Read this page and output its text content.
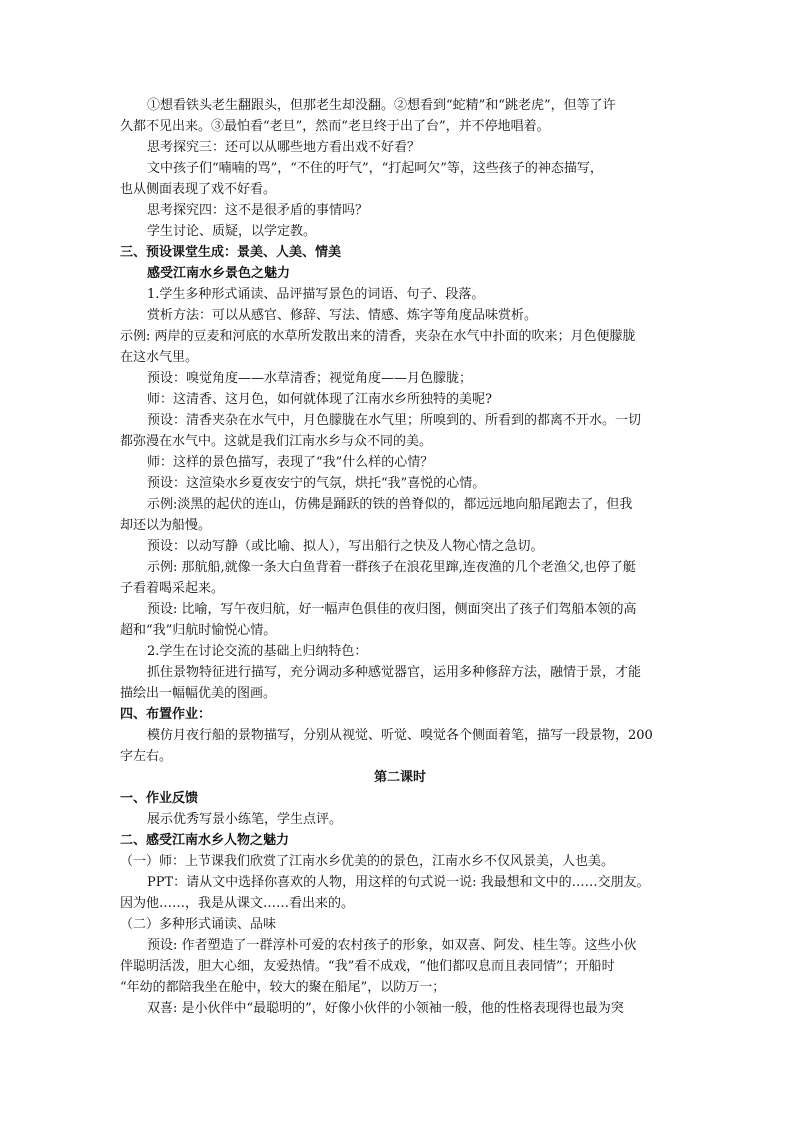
①想看铁头老生翻跟头，但那老生却没翻。②想看到“蛇精”和“跳老虎”，但等了许
久都不见出来。③最怕看“老旦”，然而“老旦终于出了台”，并不停地唱着。
思考探究三：还可以从哪些地方看出戏不好看？
文中孩子们“喃喃的骂”，“不住的吁气”，“打起呵欠”等，这些孩子的神态描写，
也从侧面表现了戏不好看。
思考探究四：这不是很矛盾的事情吗？
学生讨论、质疑，以学定教。
三、预设课堂生成：景美、人美、情美
感受江南水乡景色之魅力
1.学生多种形式诵读、品评描写景色的词语、句子、段落。
赏析方法：可以从感官、修辞、写法、情感、炼字等角度品味赏析。
示例: 两岸的豆麦和河底的水草所发散出来的清香，夹杂在水气中扑面的吹来；月色便朦胧
在这水气里。
预设：嗅觉角度——水草清香；视觉角度——月色朦胧；
师：这清香、这月色，如何就体现了江南水乡所独特的美呢?
预设：清香夹杂在水气中，月色朦胧在水气里；所嗅到的、所看到的都离不开水。一切
都弥漫在水气中。这就是我们江南水乡与众不同的美。
师：这样的景色描写，表现了“我”什么样的心情？
预设：这渲染水乡夏夜安宁的气氛，烘托“我”喜悦的心情。
示例:淡黑的起伏的连山，仿佛是踊跃的铁的兽脊似的，都远远地向船尾跑去了，但我
却还以为船慢。
预设：以动写静（或比喻、拟人），写出船行之快及人物心情之急切。
示例: 那航船,就像一条大白鱼背着一群孩子在浪花里蹿,连夜渔的几个老渔父,也停了艇
子看着喝采起来。
预设: 比喻，写午夜归航，好一幅声色俱佳的夜归图，侧面突出了孩子们驾船本领的高
超和“我”归航时愉悦心情。
2.学生在讨论交流的基础上归纳特色：
抓住景物特征进行描写，充分调动多种感觉器官，运用多种修辞方法，融情于景，才能
描绘出一幅幅优美的图画。
四、布置作业：
模仿月夜行船的景物描写，分别从视觉、听觉、嗅觉各个侧面着笔，描写一段景物，200
字左右。
第二课时
一、作业反馈
展示优秀写景小练笔，学生点评。
二、感受江南水乡人物之魅力
（一）师：上节课我们欣赏了江南水乡优美的的景色，江南水乡不仅风景美，人也美。
PPT：请从文中选择你喜欢的人物，用这样的句式说一说: 我最想和文中的……交朋友。
因为他……，我是从课文……看出来的。
（二）多种形式诵读、品味
预设: 作者塑造了一群淳朴可爱的农村孩子的形象，如双喜、阿发、桂生等。这些小伙
伴聪明活泼，胆大心细，友爱热情。“我”看不成戏，“他们都叹息而且表同情”；开船时
“年幼的都陪我坐在舱中，较大的聚在船尾”，以防万一；
双喜: 是小伙伴中“最聪明的”，好像小伙伴的小领袖一般，他的性格表现得也最为突
